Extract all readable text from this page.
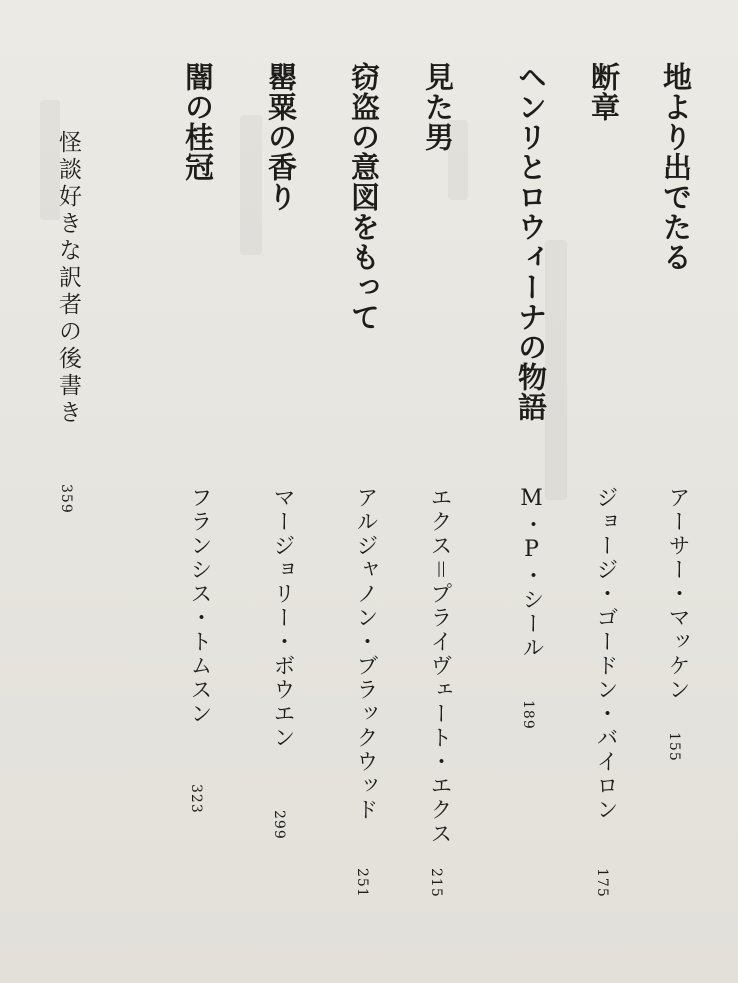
地より出でたる
アーサー・マッケン
155
断章
ジョージ・ゴードン・バイロン
175
ヘンリとロウィーナの物語
M・P・シール
189
見た男
エクス＝プライヴェート・エクス
215
窃盗の意図をもって
アルジャノン・ブラックウッド
251
罌粟の香り
マージョリー・ボウエン
299
闇の桂冠
フランシス・トムスン
323
怪談好きな訳者の後書き
359
